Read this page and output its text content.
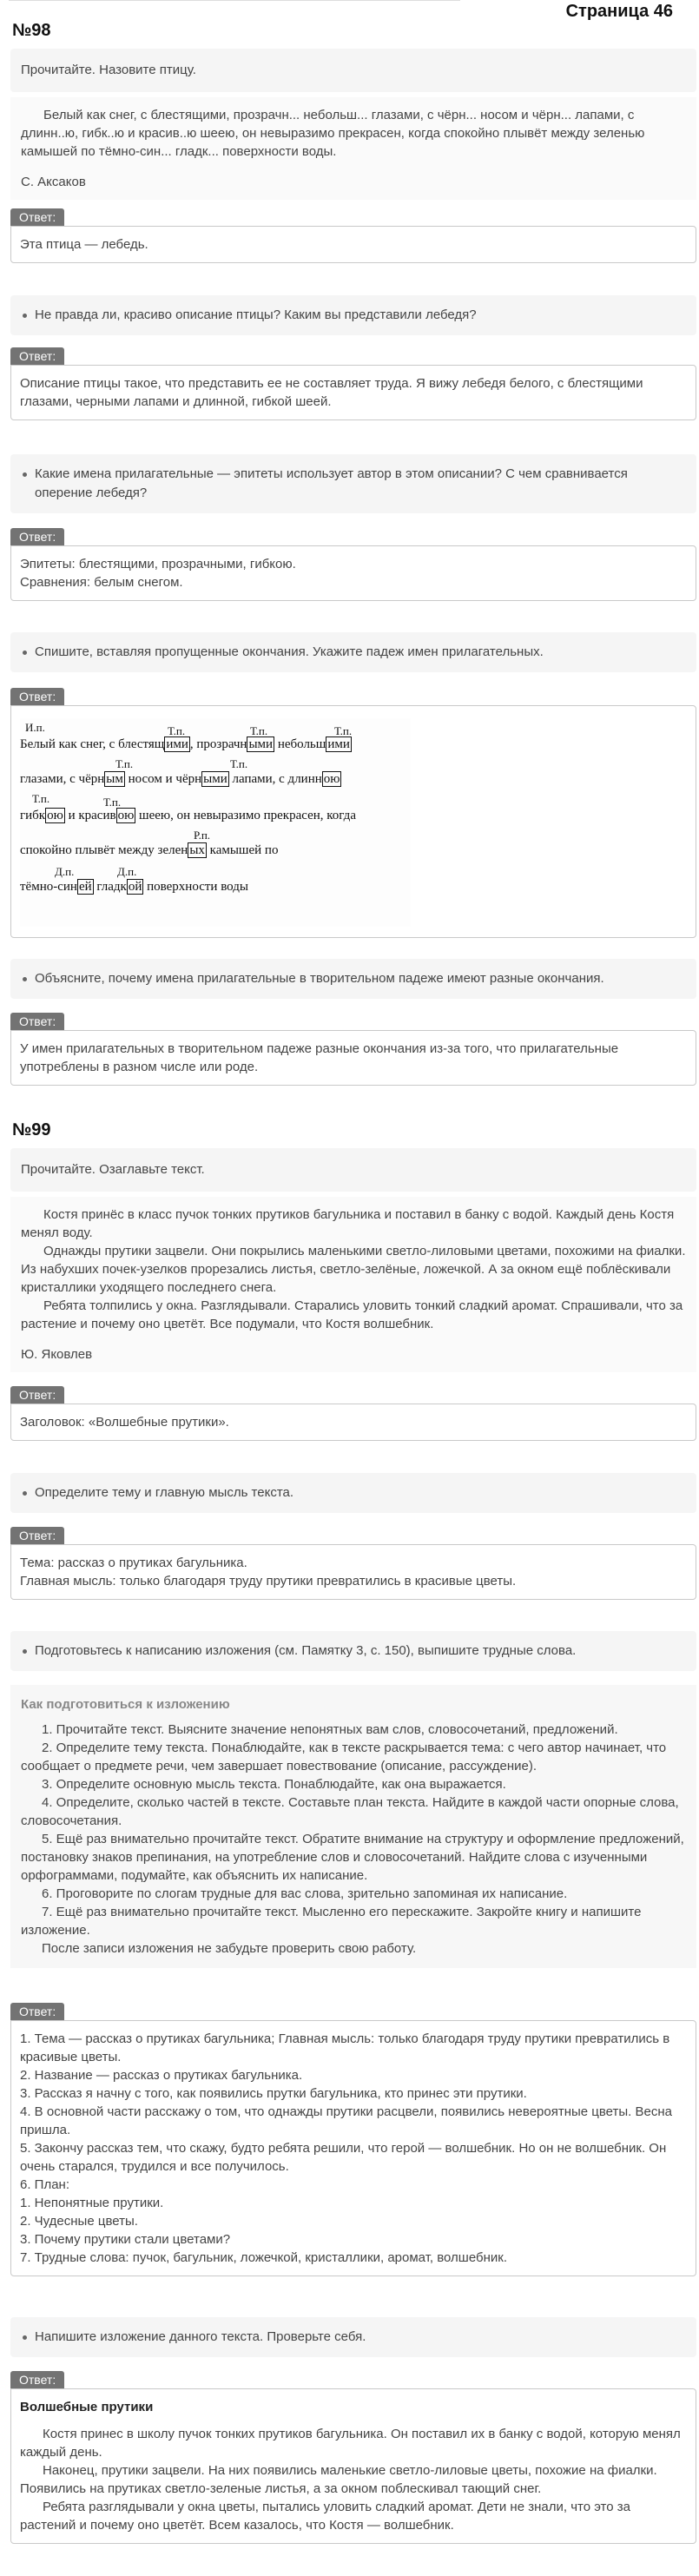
Страница 46
№98
Прочитайте. Назовите птицу.
Белый как снег, с блестящими, прозрачн... небольш... глазами, с чёрн... носом и чёрн... лапами, с длинн..ю, гибк..ю и красив..ю шеею, он невыразимо прекрасен, когда спокойно плывёт между зеленью камышей по тёмно-син... гладк... поверхности воды.
С. Аксаков
Ответ:
Эта птица — лебедь.
Не правда ли, красиво описание птицы? Каким вы представили лебедя?
Ответ:
Описание птицы такое, что представить ее не составляет труда. Я вижу лебедя белого, с блестящими глазами, черными лапами и длинной, гибкой шеей.
Какие имена прилагательные — эпитеты использует автор в этом описании? С чем сравнивается оперение лебедя?
Ответ:
Эпитеты: блестящими, прозрачными, гибкою.
Сравнения: белым снегом.
Спишите, вставляя пропущенные окончания. Укажите падеж имен прилагательных.
Ответ:
И.п.	Т.п.	Т.п.	Т.п.
Белый как снег, с блестящ ими , прозрачн ыми небольш ими
Т.п.	Т.п.
глазами, с чёрн ым носом и чёрн ыми лапами, с длинн ою
Т.п.	Т.п.
гибк ою и красив ою шеею, он невыразимо прекрасен, когда
Р.п.
спокойно плывёт между зелен ых камышей по
Д.п.	Д.п.
тёмно-син ей гладк ой поверхности воды
Объясните, почему имена прилагательные в творительном падеже имеют разные окончания.
Ответ:
У имен прилагательных в творительном падеже разные окончания из-за того, что прилагательные употреблены в разном числе или роде.
№99
Прочитайте. Озаглавьте текст.
Костя принёс в класс пучок тонких прутиков багульника и поставил в банку с водой. Каждый день Костя менял воду.
Однажды прутики зацвели. Они покрылись маленькими светло-лиловыми цветами, похожими на фиалки. Из набухших почек-узелков прорезались листья, светло-зелёные, ложечкой. А за окном ещё поблёскивали кристаллики уходящего последнего снега.
Ребята толпились у окна. Разглядывали. Старались уловить тонкий сладкий аромат. Спрашивали, что за растение и почему оно цветёт. Все подумали, что Костя волшебник.
Ю. Яковлев
Ответ:
Заголовок: «Волшебные прутики».
Определите тему и главную мысль текста.
Ответ:
Тема: рассказ о прутиках багульника.
Главная мысль: только благодаря труду прутики превратились в красивые цветы.
Подготовьтесь к написанию изложения (см. Памятку 3, с. 150), выпишите трудные слова.
Как подготовиться к изложению
1. Прочитайте текст. Выясните значение непонятных вам слов, словосочетаний, предложений.
2. Определите тему текста. Понаблюдайте, как в тексте раскрывается тема: с чего автор начинает, что сообщает о предмете речи, чем завершает повествование (описание, рассуждение).
3. Определите основную мысль текста. Понаблюдайте, как она выражается.
4. Определите, сколько частей в тексте. Составьте план текста. Найдите в каждой части опорные слова, словосочетания.
5. Ещё раз внимательно прочитайте текст. Обратите внимание на структуру и оформление предложений, постановку знаков препинания, на употребление слов и словосочетаний. Найдите слова с изученными орфограммами, подумайте, как объяснить их написание.
6. Проговорите по слогам трудные для вас слова, зрительно запоминая их написание.
7. Ещё раз внимательно прочитайте текст. Мысленно его перескажите. Закройте книгу и напишите изложение.
После записи изложения не забудьте проверить свою работу.
Ответ:
1. Тема — рассказ о прутиках багульника; Главная мысль: только благодаря труду прутики превратились в красивые цветы.
2. Название — рассказ о прутиках багульника.
3. Рассказ я начну с того, как появились прутки багульника, кто принес эти прутики.
4. В основной части расскажу о том, что однажды прутики расцвели, появились невероятные цветы. Весна пришла.
5. Закончу рассказ тем, что скажу, будто ребята решили, что герой — волшебник. Но он не волшебник. Он очень старался, трудился и все получилось.
6. План:
1. Непонятные прутики.
2. Чудесные цветы.
3. Почему прутики стали цветами?
7. Трудные слова: пучок, багульник, ложечкой, кристаллики, аромат, волшебник.
Напишите изложение данного текста. Проверьте себя.
Ответ:
Волшебные прутики
Костя принес в школу пучок тонких прутиков багульника. Он поставил их в банку с водой, которую менял каждый день.
Наконец, прутики зацвели. На них появились маленькие светло-лиловые цветы, похожие на фиалки. Появились на прутиках светло-зеленые листья, а за окном поблескивал тающий снег.
Ребята разглядывали у окна цветы, пытались уловить сладкий аромат. Дети не знали, что это за растений и почему оно цветёт. Всем казалось, что Костя — волшебник.
